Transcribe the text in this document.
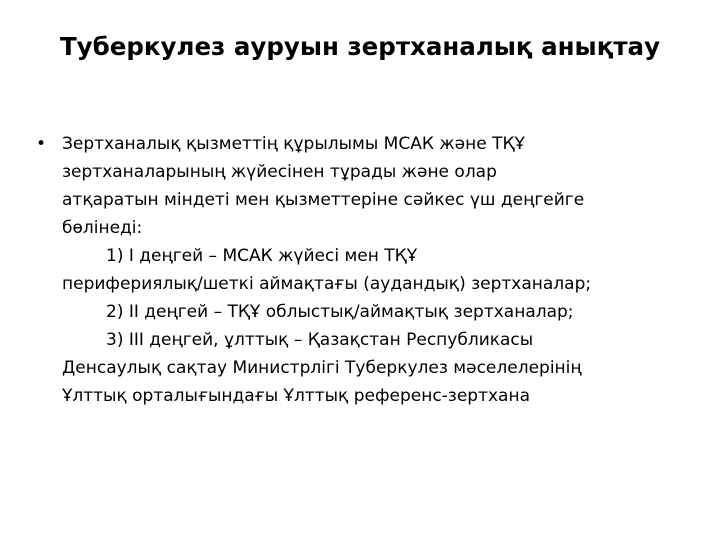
Туберкулез ауруын зертханалық анықтау
• Зертханалық қызметтің құрылымы МСАК және ТҚҰ
зертханаларының жүйесінен тұрады және олар
атқаратын міндеті мен қызметтеріне сәйкес үш деңгейге
бөлінеді:
1) I деңгей – МСАК жүйесі мен ТҚҰ
перифериялық/шеткі аймақтағы (аудандық) зертханалар;
2) II деңгей – ТҚҰ облыстық/аймақтық зертханалар;
3) III деңгей, ұлттық – Қазақстан Республикасы
Денсаулық сақтау Министрлігі Туберкулез мәселелерінің
Ұлттық орталығындағы Ұлттық референс-зертхана
